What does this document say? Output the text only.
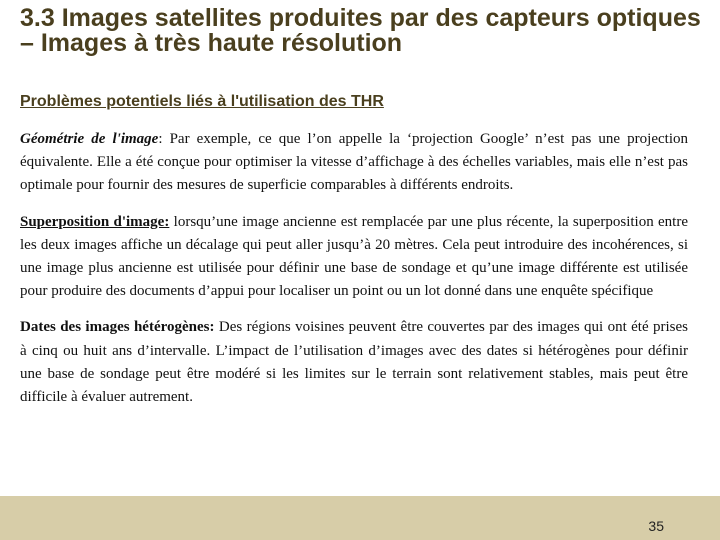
3.3 Images satellites produites par des capteurs optiques – Images à très haute résolution
Problèmes potentiels liés à l'utilisation des THR

Géométrie de l'image: Par exemple, ce que l’on appelle la ‘projection Google’ n’est pas une projection équivalente. Elle a été conçue pour optimiser la vitesse d’affichage à des échelles variables, mais elle n’est pas optimale pour fournir des mesures de superficie comparables à différents endroits.

Superposition d'image: lorsqu’une image ancienne est remplacée par une plus récente, la superposition entre les deux images affiche un décalage qui peut aller jusqu’à 20 mètres. Cela peut introduire des incohérences, si une image plus ancienne est utilisée pour définir une base de sondage et qu’une image différente est utilisée pour produire des documents d’appui pour localiser un point ou un lot donné dans une enquête spécifique

Dates des images hétérogènes: Des régions voisines peuvent être couvertes par des images qui ont été prises à cinq ou huit ans d’intervalle. L’impact de l’utilisation d’images avec des dates si hétérogènes pour définir une base de sondage peut être modéré si les limites sur le terrain sont relativement stables, mais peut être difficile à évaluer autrement.

35
